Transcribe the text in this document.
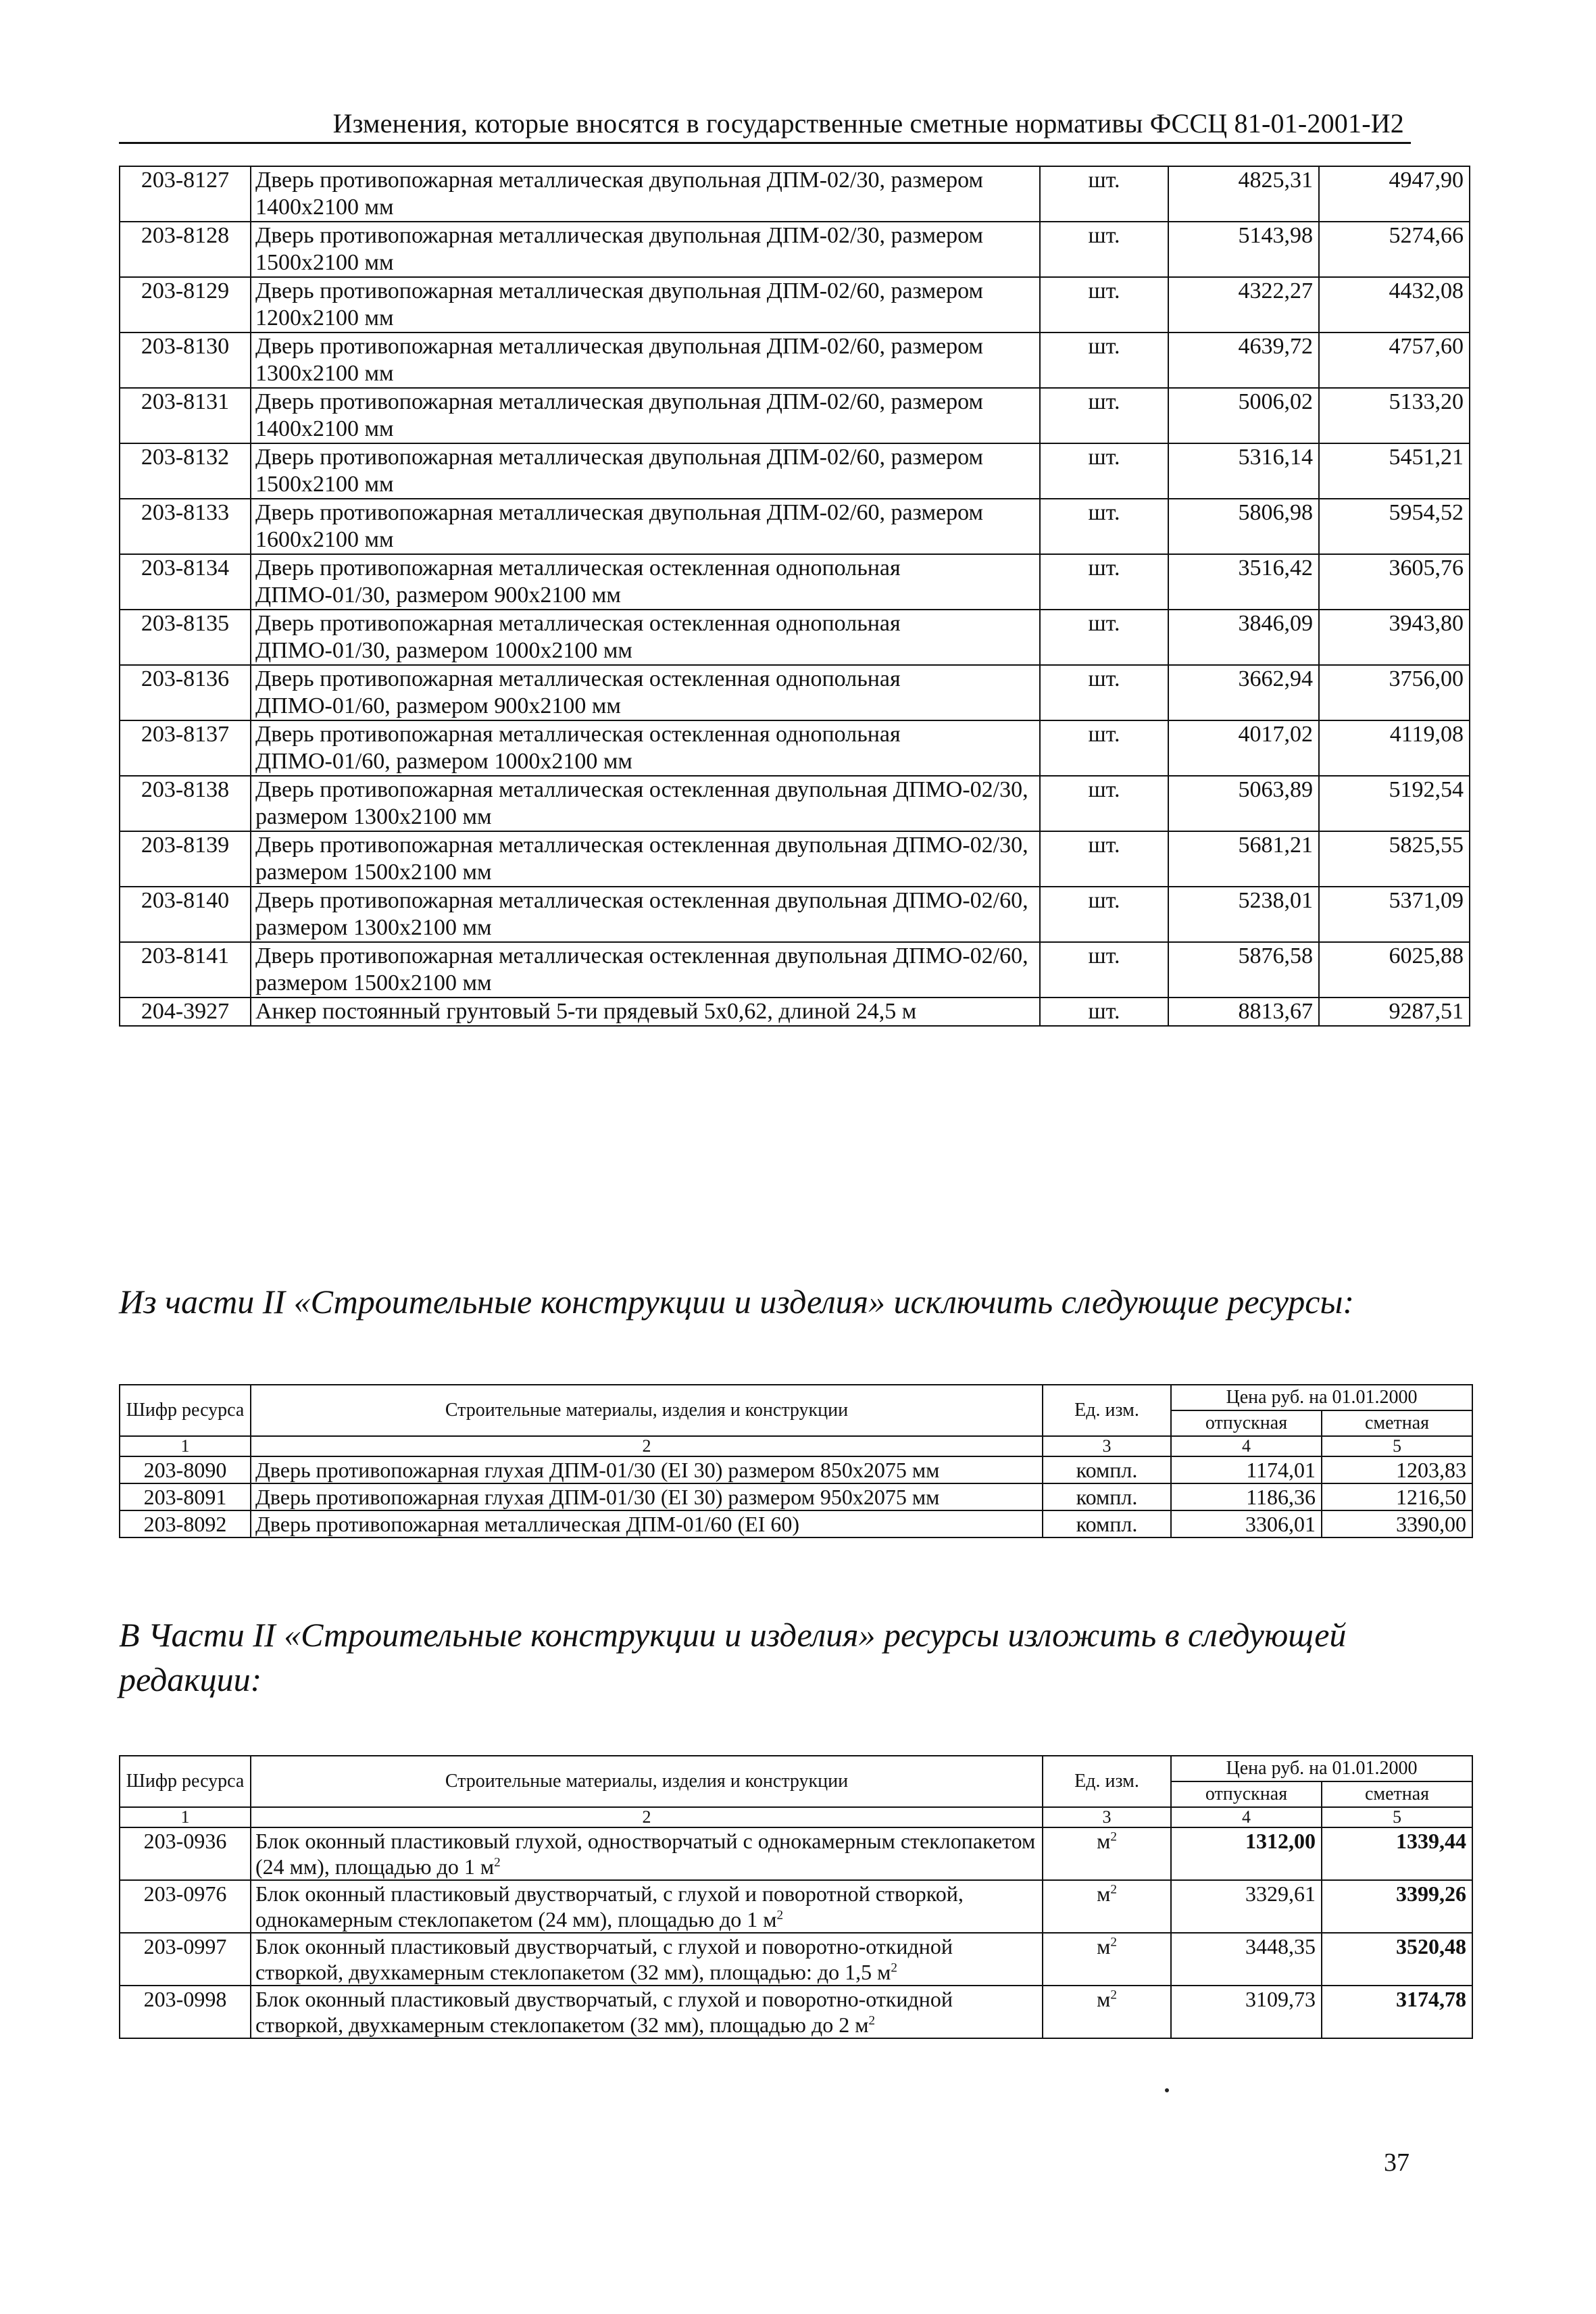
Изменения, которые вносятся в государственные сметные нормативы ФССЦ 81-01-2001-И2
203-8127	Дверь противопожарная металлическая двупольная ДПМ-02/30, размером 1400х2100 мм	шт.	4825,31	4947,90
203-8128	Дверь противопожарная металлическая двупольная ДПМ-02/30, размером 1500х2100 мм	шт.	5143,98	5274,66
203-8129	Дверь противопожарная металлическая двупольная ДПМ-02/60, размером 1200х2100 мм	шт.	4322,27	4432,08
203-8130	Дверь противопожарная металлическая двупольная ДПМ-02/60, размером 1300х2100 мм	шт.	4639,72	4757,60
203-8131	Дверь противопожарная металлическая двупольная ДПМ-02/60, размером 1400х2100 мм	шт.	5006,02	5133,20
203-8132	Дверь противопожарная металлическая двупольная ДПМ-02/60, размером 1500х2100 мм	шт.	5316,14	5451,21
203-8133	Дверь противопожарная металлическая двупольная ДПМ-02/60, размером 1600х2100 мм	шт.	5806,98	5954,52
203-8134	Дверь противопожарная металлическая остекленная однопольная ДПМО-01/30, размером 900х2100 мм	шт.	3516,42	3605,76
203-8135	Дверь противопожарная металлическая остекленная однопольная ДПМО-01/30, размером 1000х2100 мм	шт.	3846,09	3943,80
203-8136	Дверь противопожарная металлическая остекленная однопольная ДПМО-01/60, размером 900х2100 мм	шт.	3662,94	3756,00
203-8137	Дверь противопожарная металлическая остекленная однопольная ДПМО-01/60, размером 1000х2100 мм	шт.	4017,02	4119,08
203-8138	Дверь противопожарная металлическая остекленная двупольная ДПМО-02/30, размером 1300х2100 мм	шт.	5063,89	5192,54
203-8139	Дверь противопожарная металлическая остекленная двупольная ДПМО-02/30, размером 1500х2100 мм	шт.	5681,21	5825,55
203-8140	Дверь противопожарная металлическая остекленная двупольная ДПМО-02/60, размером 1300х2100 мм	шт.	5238,01	5371,09
203-8141	Дверь противопожарная металлическая остекленная двупольная ДПМО-02/60, размером 1500х2100 мм	шт.	5876,58	6025,88
204-3927	Анкер постоянный грунтовый 5-ти прядевый 5х0,62, длиной 24,5 м	шт.	8813,67	9287,51
Из части II «Строительные конструкции и изделия» исключить следующие ресурсы:
Шифр ресурса	Строительные материалы, изделия и конструкции	Ед. изм.	Цена руб. на 01.01.2000	
			отпускная	сметная
1	2	3	4	5
203-8090	Дверь противопожарная глухая ДПМ-01/30 (EI 30) размером 850х2075 мм	компл.	1174,01	1203,83
203-8091	Дверь противопожарная глухая ДПМ-01/30 (EI 30) размером 950х2075 мм	компл.	1186,36	1216,50
203-8092	Дверь противопожарная металлическая ДПМ-01/60 (EI 60)	компл.	3306,01	3390,00
В Части II «Строительные конструкции и изделия» ресурсы изложить в следующей редакции:
Шифр ресурса	Строительные материалы, изделия и конструкции	Ед. изм.	Цена руб. на 01.01.2000	
			отпускная	сметная
1	2	3	4	5
203-0936	Блок оконный пластиковый глухой, одностворчатый с однокамерным стеклопакетом (24 мм), площадью до 1 $м^2$	$м^2$	1312,00	1339,44
203-0976	Блок оконный пластиковый двустворчатый, с глухой и поворотной створкой, однокамерным стеклопакетом (24 мм), площадью до 1 $м^2$	$м^2$	3329,61	3399,26
203-0997	Блок оконный пластиковый двустворчатый, с глухой и поворотно-откидной створкой, двухкамерным стеклопакетом (32 мм), площадью: до 1,5 $м^2$	$м^2$	3448,35	3520,48
203-0998	Блок оконный пластиковый двустворчатый, с глухой и поворотно-откидной створкой, двухкамерным стеклопакетом (32 мм), площадью до 2 $м^2$	$м^2$	3109,73	3174,78
37
